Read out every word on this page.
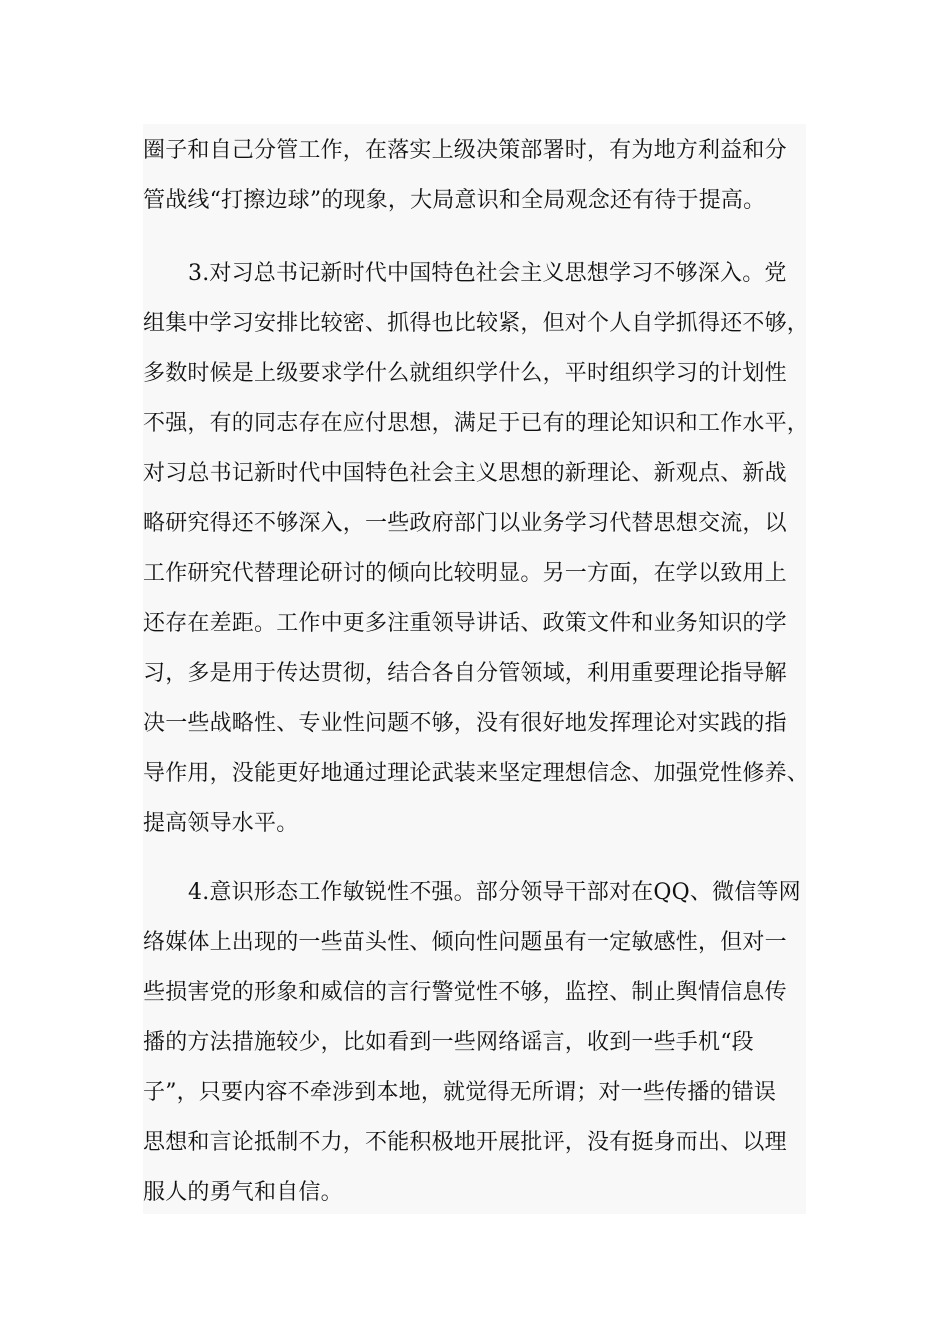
圈子和自己分管工作，在落实上级决策部署时，有为地方利益和分
管战线“打擦边球”的现象，大局意识和全局观念还有待于提高。

3.对习总书记新时代中国特色社会主义思想学习不够深入。党
组集中学习安排比较密、抓得也比较紧，但对个人自学抓得还不够，
多数时候是上级要求学什么就组织学什么，平时组织学习的计划性
不强，有的同志存在应付思想，满足于已有的理论知识和工作水平，
对习总书记新时代中国特色社会主义思想的新理论、新观点、新战
略研究得还不够深入，一些政府部门以业务学习代替思想交流，以
工作研究代替理论研讨的倾向比较明显。另一方面，在学以致用上
还存在差距。工作中更多注重领导讲话、政策文件和业务知识的学
习，多是用于传达贯彻，结合各自分管领域，利用重要理论指导解
决一些战略性、专业性问题不够，没有很好地发挥理论对实践的指
导作用，没能更好地通过理论武装来坚定理想信念、加强党性修养、
提高领导水平。

4.意识形态工作敏锐性不强。部分领导干部对在QQ、微信等网
络媒体上出现的一些苗头性、倾向性问题虽有一定敏感性，但对一
些损害党的形象和威信的言行警觉性不够，监控、制止舆情信息传
播的方法措施较少，比如看到一些网络谣言，收到一些手机“段
子”，只要内容不牵涉到本地，就觉得无所谓；对一些传播的错误
思想和言论抵制不力，不能积极地开展批评，没有挺身而出、以理
服人的勇气和自信。
